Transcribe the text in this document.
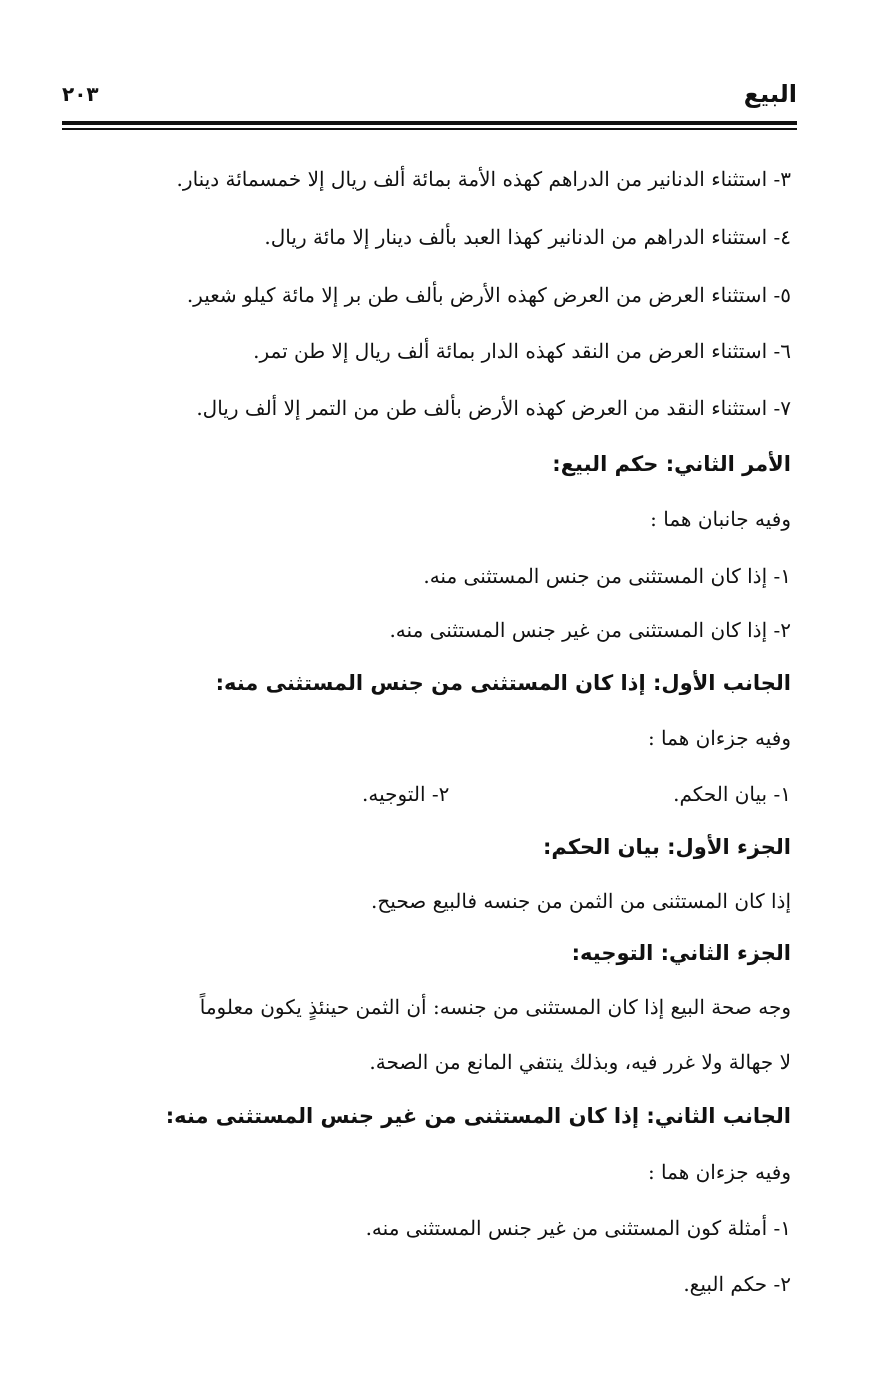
البيع
٢٠٣
٣- استثناء الدنانير من الدراهم كهذه الأمة بمائة ألف ريال إلا خمسمائة دينار.
٤- استثناء الدراهم من الدنانير كهذا العبد بألف دينار إلا مائة ريال.
٥- استثناء العرض من العرض كهذه الأرض بألف طن بر إلا مائة كيلو شعير.
٦- استثناء العرض من النقد كهذه الدار بمائة ألف ريال إلا طن تمر.
٧- استثناء النقد من العرض كهذه الأرض بألف طن من التمر إلا ألف ريال.
الأمر الثاني: حكم البيع:
وفيه جانبان هما :
١- إذا كان المستثنى من جنس المستثنى منه.
٢- إذا كان المستثنى من غير جنس المستثنى منه.
الجانب الأول: إذا كان المستثنى من جنس المستثنى منه:
وفيه جزءان هما :
١- بيان الحكم.
٢- التوجيه.
الجزء الأول: بيان الحكم:
إذا كان المستثنى من الثمن من جنسه فالبيع صحيح.
الجزء الثاني: التوجيه:
وجه صحة البيع إذا كان المستثنى من جنسه: أن الثمن حينئذٍ يكون معلوماً
لا جهالة ولا غرر فيه، وبذلك ينتفي المانع من الصحة.
الجانب الثاني: إذا كان المستثنى من غير جنس المستثنى منه:
وفيه جزءان هما :
١- أمثلة كون المستثنى من غير جنس المستثنى منه.
٢- حكم البيع.
